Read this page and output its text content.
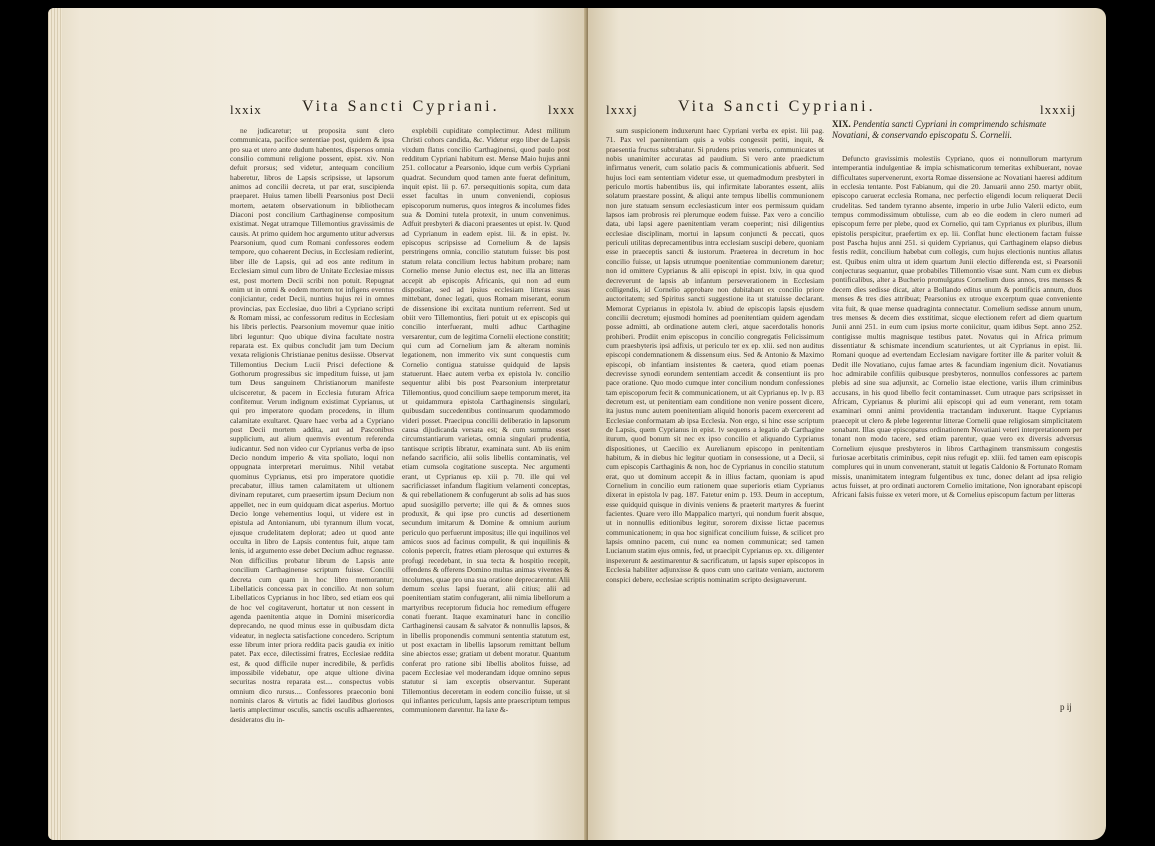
lxxix	Vita Sancti Cypriani.	lxxx

ne judicaretur; ut proposita sunt clero communicata, pacifice sententiae post, quidem & ipsa pro sua et utero ante dudum habentes, dispersos omnia consilio communi religione possent, epist. xiv. Non defuit prorsus; sed videtur, antequam concilium haberetur, libros de Lapsis scripsisse, ut lapsorum animos ad concilii decreta, ut par erat, suscipienda praeparet. Huius tamen libelli Pearsonius post Decii mortem, aetatem observationum in bibliothecam Diaconi post concilium Carthaginense compositum existimat. Negat utramque Tillemontius gravissimis de causis. At primo quidem hoc argumento utitur adversus Pearsonium, quod cum Romani confessores eodem tempore, quo cohaerent Decius, in Ecclesiam redierint, liber ille de Lapsis, qui ad eos ante reditum in Ecclesiam simul cum libro de Unitate Ecclesiae missus est, post mortem Decii scribi non potuit. Repugnat enim ut in omni & eodem mortem tot infigens eventus conjiciantur, cedet Decii, nuntius hujus rei in omnes provincias, pax Ecclesiae, duo libri a Cypriano scripti & Romam missi, ac confessorum reditus in Ecclesiam his libris perlectis. Pearsonium movemur quae initio libri leguntur: Quo ubique divina facultate nostra reparata est. Ex quibus concludit jam tum Decium vexata religionis Christianae penitus desiisse. Observat Tillemontius Decium Lucii Prisci defectione & Gothorum progressibus sic impeditum fuisse, ut jam tum Deus sanguinem Christianorum manifeste ulcisceretur, & pacem in Ecclesia futuram Africa confitemur. Verum indignum existimat Cyprianus, ut qui pro imperatore quodam procedens, in illum calamitate exultaret. Quare haec verba ad a Cypriano post Decii mortem addita, aut ad Pasconibus supplicium, aut alium quemvis eventum referenda iudicantur. Sed non video cur Cyprianus verba de ipso Decio nondum imperio & vita spoliato, loqui non oppugnata interpretari meruimus. Nihil vetabat quominus Cyprianus, etsi pro imperatore quotidie precabatur, illius tamen calamitatem ut ultionem divinam reputaret, cum praesertim ipsum Decium non appellet, nec in eum quidquam dicat asperius. Mortuo Decio longe vehementius loqui, ut videre est in epistula ad Antonianum, ubi tyrannum illum vocat, ejusque crudelitatem deplorat; adeo ut quod ante occulta in libro de Lapsis contentus fuit, atque tam lenis, id argumento esse debet Decium adhuc regnasse. Non difficilius probatur librum de Lapsis ante concilium Carthaginense scriptum fuisse. Concilii decreta cum quam in hoc libro memorantur; Libellaticis concessa pax in concilio. At non solum Libellaticos Cyprianus in hoc libro, sed etiam eos qui de hoc vel cogitaverunt, hortatur ut non cessent in agenda paenitentia atque in Domini misericordia deprecando, ne quod minus esse in quibusdam dicta videatur, in neglecta satisfactione concedero. Scriptum esse librum inter priora reddita pacis gaudia ex initio patet. Pax ecce, dilectissimi fratres, Ecclesiae reddita est, & quod difficile nuper incredibile, & perfidis impossibile videbatur, ope atque ultione divina securitas nostra reparata est.... conspectus vobis omnium dico rursus.... Confessores praeconio boni nominis claros & virtutis ac fidei laudibus gloriosos laetis amplectimur osculis, sanctis osculis adhaerentes, desideratos diu in-

explebili cupiditate complectimur. Adest militum Christi cohors candida, &c. Videtur ergo liber de Lapsis vixdum flatus concilio Carthaginensi, quod paulo post redditum Cypriani habitum est. Mense Maio hujus anni 251. collocatur a Pearsonio, idque cum verbis Cypriani quadrat. Secundum quod tamen ante fuerat definitum, inquit epist. lii p. 67. persequitionis sopita, cum data esset facultas in unum conveniendi, copiosus episcoporum numerus, quos integros & incolumes fides sua & Domini tutela protexit, in unum convenimus. Adfuit presbyteri & diaconi praesentes ut epist. lv. Quod ad Cyprianum in eadem epist. lii. & in epist. lv. episcopus scripsisse ad Cornelium & de lapsis perstringens omnia, concilio statutum fuisse: bis post statum relata concilium lectus habitum probare; nam Cornelio mense Junio electus est, nec illa an litteras accepit ab episcopis Africanis, qui non ad eum dispositae, sed ad ipsius ecclesiam litteras suas mittebant, donec legati, quos Romam miserant, eorum de dissensione ibi excitata nuntium referrent. Sed ut obiit vero Tillemontius, fieri potuit ut ex episcopis qui concilio interfuerant, multi adhuc Carthagine versarentur, cum de legitima Cornelii electione constitit; qui cum ad Cornelium jam & alteram nominis legationem, non immerito vix sunt conquestis cum Cornelio contigua statuisse quidquid de lapsis statuerunt. Haec autem verba ex epistola lv. concilio sequentur alibi bis post Pearsonium interpretatur Tillemontius, quod concilium saepe temporum meret, ita ut quidammura epistola Carthaginensis singulari, quibusdam succedentibus continuarum quodammodo videri posset. Praecipua concilii deliberatio in lapsorum causa dijudicanda versata est; & cum summa esset circumstantiarum varietas, omnia singulari prudentia, tantisque scriptis libratur, examinata sunt. Ab iis enim nefando sacrificio, alii solis libellis contaminatis, vel etiam cumsola cogitatione suscepta. Nec argumenti erant, ut Cyprianus ep. xiii p. 70. ille qui vel sacrificiasset infandum flagitium velamenti conceptas, & qui rebellationem & confugerunt ab solis ad has suos apud suosigillo perverte; ille qui & & omnes suos produxit, & qui ipse pro cunctis ad desertionem secundum imitarum & Domine & omnium aurium periculo quo perfuerunt impositus; ille qui inquilinos vel amicos suos ad facinus compulit, & qui inquilinis & colonis pepercit, fratres etiam plerosque qui exturres & profugi recedebant, in sua tecta & hospitio recepit, offendens & offerens Domino multas animas viventes & incolumes, quae pro una sua oratione deprecarentur. Alii demum scelus lapsi fuerant, alii citius; alii ad poenitentiam statim confugerant, alii nimia libellorum a martyribus receptorum fiducia hoc remedium effugere conati fuerant. Itaque examinaturi hanc in concilio Carthaginensi causam & salvator & nonnullis lapsos, & in libellis proponendis communi sententia statutum est, ut post exactam in libellis lapsorum remittant bellum sine abiectos esse; gratiam ut debent moratur. Quantum conferat pro ratione sibi libellis abolitos fuisse, ad pacem Ecclesiae vel moderandam idque omnino sepus statutur si iam exceptis observantur. Superant Tillemontius deceretam in eodem concilio fuisse, ut si qui infiantes periculum, lapsis ante praescriptum tempus communionem darentur. Ita laxe &-

lxxxj	Vita Sancti Cypriani.	lxxxij

sum suspicionem induxerunt haec Cypriani verba ex epist. liii pag. 71. Pax vel paenitentiam quis a vobis congessit petiti, inquit, & praesentia fructus subtrahatur. Si prudens prius veneris, communicates ut nobis unanimiter accuratas ad paudium. Si vero ante praedictum infirmatus venerit, cum solatio pacis & communicationis abfuerit. Sed hujus loci eam sententiam videtur esse, ut quemadmodum presbyteri in periculo mortis habentibus iis, qui infirmitate laborantes essent, aliis solatum praestare possint, & aliqui ante tempus libellis communionem non jure statuam sensum ecclesiasticum inter eos permissum quidam lapsos iam probrosis rei plerumque eodem fuisse. Pax vero a concilio data, ubi lapsi agere paenitentiam veram coeperint; nisi diligentius ecclesiae disciplinam, mortui in lapsum conjuncti & peccati, quos periculi utilitas deprecamentibus intra ecclesiam suscipi debere, quoniam esse in praeceptis sancti & iustorum. Praeterea in decretum in hoc concilio fuisse, ut lapsis utrumque poenitentiae communionem daretur; non id omittere Cyprianus & alii episcopi in epist. lxiv, in qua quod decreverunt de lapsis ab infantum perseverationem in Ecclesiam colligendis, id Cornelio approbare non dubitabant ex concilio priore auctoritatem; sed Spiritus sancti suggestione ita ut statuisse declarant. Memorat Cyprianus in epistola lv. abiud de episcopis lapsis ejusdem concilii decretum; ejusmodi homines ad poenitentiam quidem agendam posse admitti, ab ordinatione autem cleri, atque sacerdotalis honoris prohiberi. Prodiit enim episcopus in concilio congregatis Felicissimum cum praesbyteris ipsi adfixis, ut periculo ter ex ep. xlii. sed non auditus episcopi condemnationem & dissensum eius. Sed & Antonio & Maximo episcopi, ob infantiam insistentes & caetera, quod etiam poenas decrevisse synodi eorundem sententiam accedit & consentiunt iis pro pace oratione. Quo modo cumque inter concilium nondum confessiones tam episcoporum fecit & communicationem, ut ait Cyprianus ep. lv p. 83 decretum est, ut penitentiam eam conditione non venire possent dicere, ita justus nunc autem poenitentiam aliquid honoris pacem exercerent ad Ecclesiae conformatam ab ipsa Ecclesia. Non ergo, si hinc esse scriptum de Lapsis, quem Cyprianus in epist. lv sequens a legatio ab Carthagine iturum, quod bonum sit nec ex ipso concilio et aliquando Cyprianus dispositiones, ut Caecilio ex Aurelianum episcopo in penitentiam habitum, & in diebus hic legitur quotiam in consessione, ut a Decii, si cum episcopis Carthaginis & non, hoc de Cyprianus in concilio statutum erat, quo ut dominum accepit & in illius factam, quoniam is apud Cornelium in concilio eum rationem quae superioris etiam Cyprianus dixerat in epistola lv pag. 187. Fatetur enim p. 193. Deum in acceptum, esse quidquid quisque in divinis veniens & praeterit martyres & fuerint facientes. Quare vero illo Mappalico martyri, qui nondum fuerit absque, ut in nonnullis editionibus legitur, sororem dixisse lictae pacemus communicationem; in qua hoc significat concilium fuisse, & scilicet pro lapsis omnino pacem, cui nunc ea nomen communicat; sed tamen Lucianum statim ejus omnis, fed, ut praecipit Cyprianus ep. xx. diligenter inspexerunt & aestimarentur & sacrificatum, ut lapsis super episcopos in Ecclesia habiliter adjunxisse & quos cum uno caritate veniam, auctorem conspici debere, ecclesiae scriptis nominatim scripto designaverunt.

XIX. Pendentia sancti Cypriani in comprimendo schismate Novatiani, & conservando episcopatu S. Cornelii.

Defuncto gravissimis molestiis Cypriano, quos ei nonnullorum martyrum intemperantia indulgentiae & impia schismaticorum temeritas exhibuerant, novae difficultates supervenerunt, exorta Romae dissensione ac Novatiani haeresi additum in ecclesia tentante. Post Fabianum, qui die 20. Januarii anno 250. martyr obiit, episcopo caruerat ecclesia Romana, nec perfectio eligendi locum reliquerat Decii crudelitas. Sed tandem tyranno absente, imperio in urbe Julio Valerii edicto, eum tempus commodissimum obtulisse, cum ab eo die eodem in clero numeri ad episcopum ferre per plebe, quod ex Cornelio, qui tam Cyprianus ex pluribus, illum epistolis perspicitur, praefertim ex ep. lii. Conflat hunc electionem factam fuisse post Pascha hujus anni 251. si quidem Cyprianus, qui Carthaginem elapso diebus festis rediit, concilium habebat cum collegis, cum hujus electionis nuntius allatus est. Quibus enim ultra ut idem quartum Junii electio differenda est, si Pearsonii conjecturas sequantur, quae probabiles Tillemontio visae sunt. Nam cum ex diebus pontificalibus, alter a Bucherio promulgatus Cornelium duos annos, tres menses & decem dies sedisse dicat, alter a Bollando editus unum & pontificis annum, duos menses & tres dies attribuat; Pearsonius ex utroque excerptum quae conveniente vita fuit, & quae mense quadraginta connectatur. Cornelium sedisse annum unum, tres menses & decem dies exstitimat, sicque electionem refert ad diem quartum Junii anni 251. in eum cum ipsius morte coniicitur, quam idibus Sept. anno 252. contigisse multis magnisque testibus patet. Novatus qui in Africa primum dissentiatur & schismate incendium scaturientes, ut ait Cyprianus in epist. lii. Romani quoque ad evertendam Ecclesiam navigare fortiter ille & pariter voluit & Dedit ille Novatiano, cujus famae artes & facundiam ingenium dicit. Novatianus hoc admirabile confiliis quibusque presbyteros, nonnullos confessores ac partem plebis ad sine sua adjunxit, ac Cornelio istae electione, variis illum criminibus accusans, in his quod libello fecit contaminasset. Cum utraque pars scripsisset in Africam, Cyprianus & plurimi alii episcopi qui ad eum venerant, rem totam examinari omni animi providentia tractandam induxerunt. Itaque Cyprianus praecepit ut clero & plebe legerentur litterae Cornelii quae religiosam simplicitatem sonabant. Illas quae episcopatus ordinationem Novatiani veteri interpretationem per tonant non modo tacere, sed etiam parentur, quae vero ex diversis adversus Cornelium ejusque presbyteros in libros Carthaginem transmissum congestis furiosae acerbitatis criminibus, cepit nius refugit ep. xliii. fed tamen eam episcopis complures qui in unum convenerant, statuit ut legatis Caldonio & Fortunato Romam missis, unanimitatem integram fulgentibus ex tunc, donec delant ad ipsa religio actus fuisset, at pro ordinati auctorem Cornelio imitatione, Non ignorabant episcopi Africani falsis fuisse ex veteri more, ut & Cornelius episcopum factum per litteras

p ij
